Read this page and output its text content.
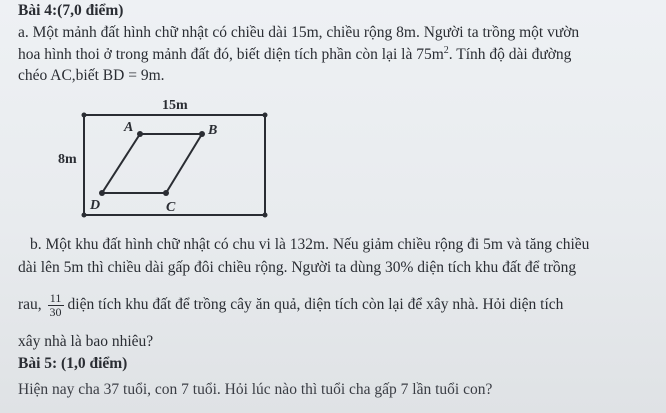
Bài 4:(7,0 điểm)
a. Một mảnh đất hình chữ nhật có chiều dài 15m, chiều rộng 8m. Người ta trồng một vườn
hoa hình thoi ở trong mảnh đất đó, biết diện tích phần còn lại là $75m^2$. Tính độ dài đường
chéo AC,biết BD = 9m.
15m
8m
A	B
C
D
b. Một khu đất hình chữ nhật có chu vi là 132m. Nếu giảm chiều rộng đi 5m và tăng chiều
dài lên 5m thì chiều dài gấp đôi chiều rộng. Người ta dùng 30% diện tích khu đất để trồng
rau, $\frac{11}{30}$ diện tích khu đất để trồng cây ăn quả, diện tích còn lại để xây nhà. Hỏi diện tích
xây nhà là bao nhiêu?
Bài 5: (1,0 điểm)
Hiện nay cha 37 tuổi, con 7 tuổi. Hỏi lúc nào thì tuổi cha gấp 7 lần tuổi con?
